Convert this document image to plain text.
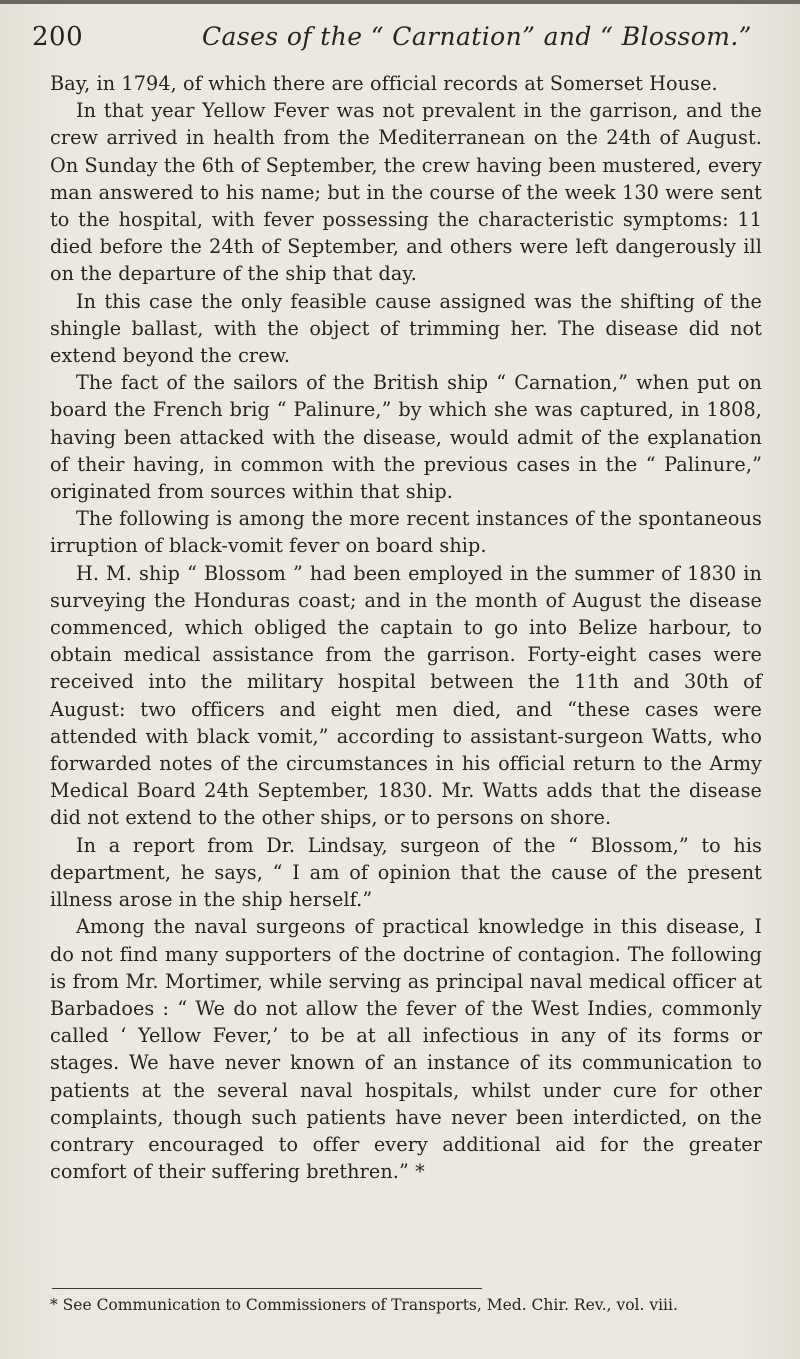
200	Cases of the “ Carnation” and “ Blossom.”

Bay, in 1794, of which there are official records at Somerset House.

In that year Yellow Fever was not prevalent in the garrison, and the crew arrived in health from the Mediterranean on the 24th of August. On Sunday the 6th of September, the crew having been mustered, every man answered to his name; but in the course of the week 130 were sent to the hospital, with fever possessing the characteristic symptoms: 11 died before the 24th of September, and others were left dangerously ill on the departure of the ship that day.

In this case the only feasible cause assigned was the shifting of the shingle ballast, with the object of trimming her. The disease did not extend beyond the crew.

The fact of the sailors of the British ship “ Carnation,” when put on board the French brig “ Palinure,” by which she was captured, in 1808, having been attacked with the disease, would admit of the explanation of their having, in common with the previous cases in the “ Palinure,” originated from sources within that ship.

The following is among the more recent instances of the spontaneous irruption of black-vomit fever on board ship.

H. M. ship “ Blossom ” had been employed in the summer of 1830 in surveying the Honduras coast; and in the month of August the disease commenced, which obliged the captain to go into Belize harbour, to obtain medical assistance from the garrison. Forty-eight cases were received into the military hospital between the 11th and 30th of August: two officers and eight men died, and “these cases were attended with black vomit,” according to assistant-surgeon Watts, who forwarded notes of the circumstances in his official return to the Army Medical Board 24th September, 1830. Mr. Watts adds that the disease did not extend to the other ships, or to persons on shore.

In a report from Dr. Lindsay, surgeon of the “ Blossom,” to his department, he says, “ I am of opinion that the cause of the present illness arose in the ship herself.”

Among the naval surgeons of practical knowledge in this disease, I do not find many supporters of the doctrine of contagion. The following is from Mr. Mortimer, while serving as principal naval medical officer at Barbadoes : “ We do not allow the fever of the West Indies, commonly called ‘ Yellow Fever,’ to be at all infectious in any of its forms or stages. We have never known of an instance of its communication to patients at the several naval hospitals, whilst under cure for other complaints, though such patients have never been interdicted, on the contrary encouraged to offer every additional aid for the greater comfort of their suffering brethren.” *

* See Communication to Commissioners of Transports, Med. Chir. Rev., vol. viii.
